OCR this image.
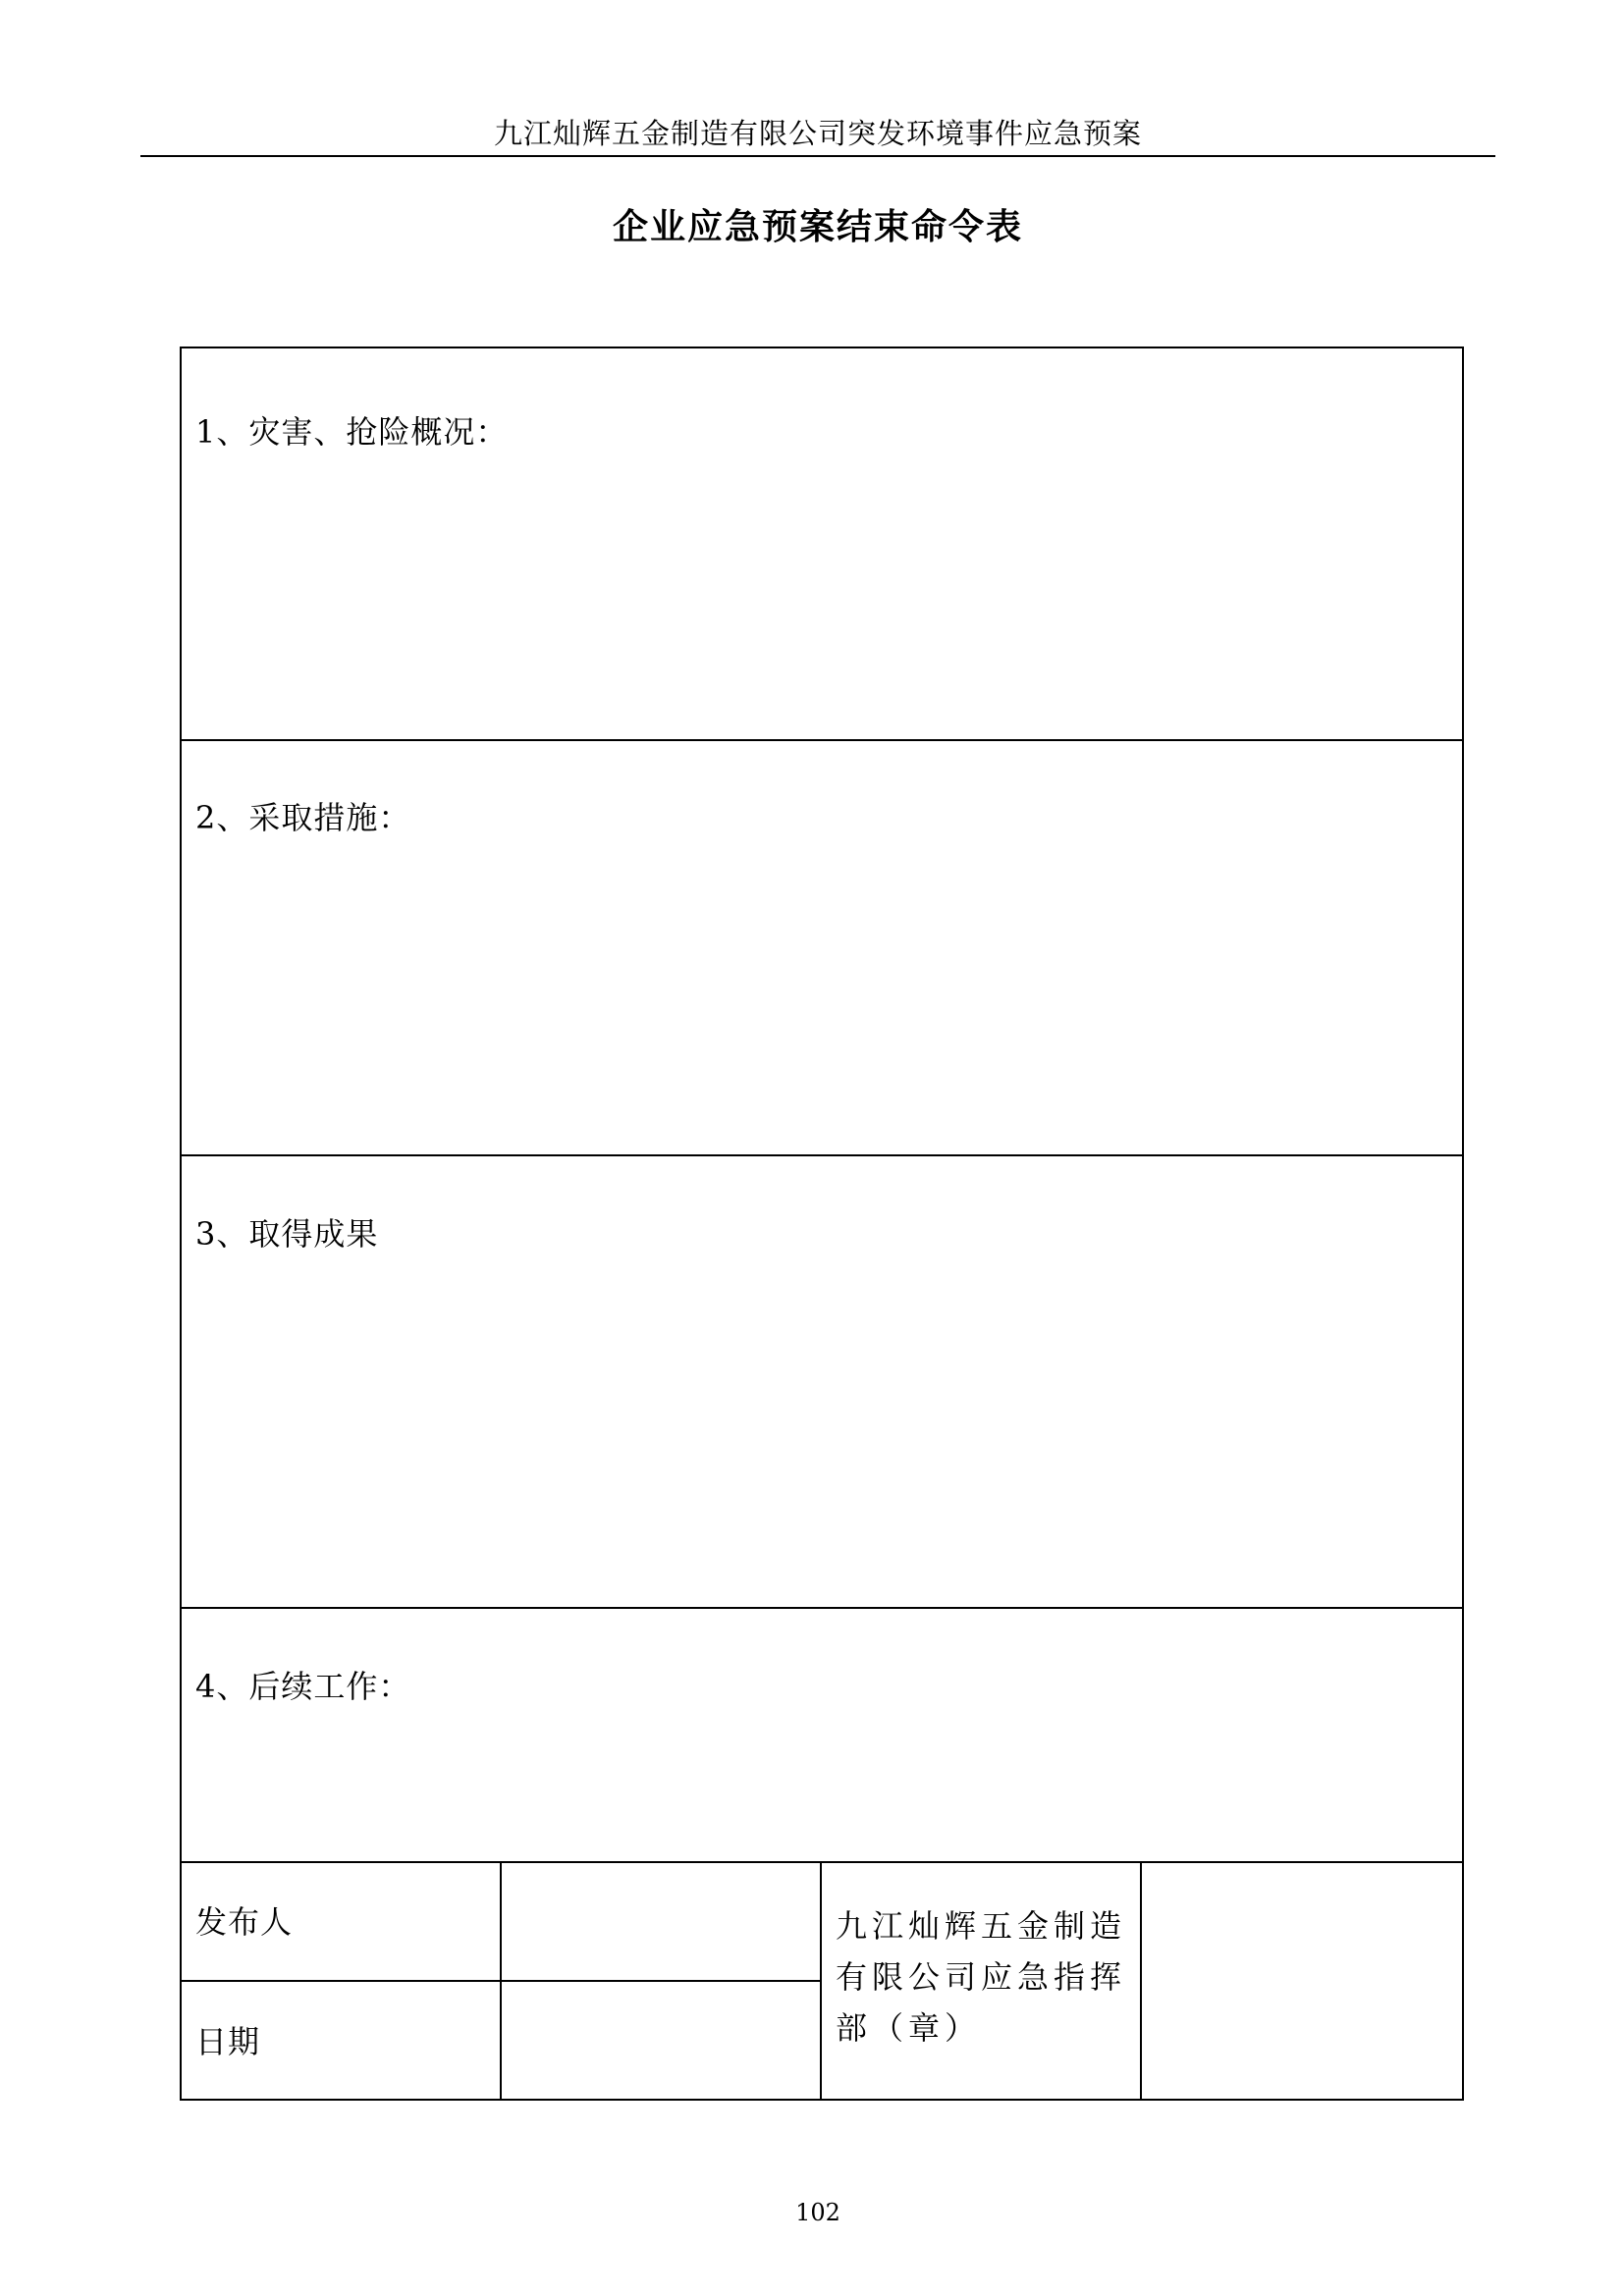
九江灿辉五金制造有限公司突发环境事件应急预案
企业应急预案结束命令表
1、灾害、抢险概况：			

2、采取措施：			

3、取得成果			

4、后续工作：			

发布人		九江灿辉五金制造有限公司应急指挥部（章）	

日期			

102
